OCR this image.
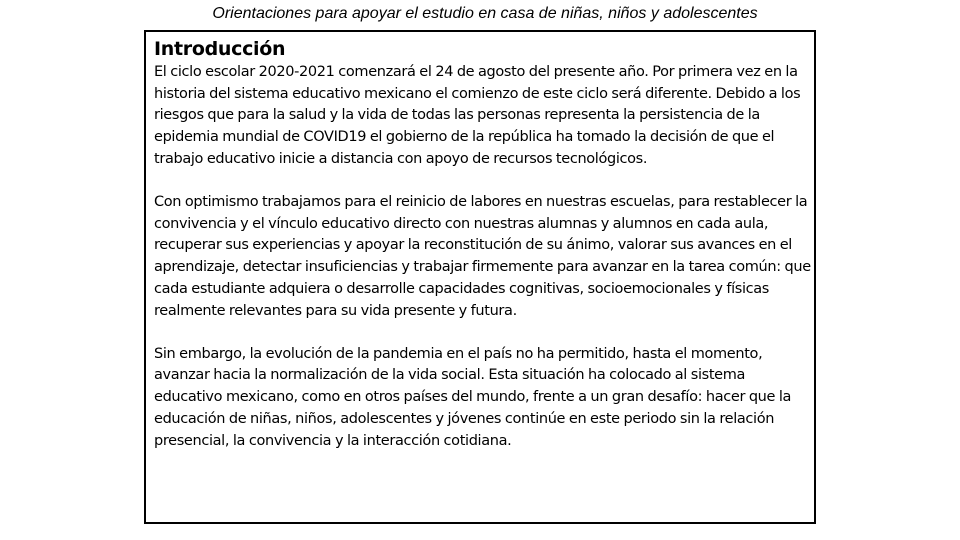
Orientaciones para apoyar el estudio en casa de niñas, niños y adolescentes
Introducción

El ciclo escolar 2020-2021 comenzará el 24 de agosto del presente año. Por primera vez en la historia del sistema educativo mexicano el comienzo de este ciclo será diferente. Debido a los riesgos que para la salud y la vida de todas las personas representa la persistencia de la epidemia mundial de COVID19 el gobierno de la república ha tomado la decisión de que el trabajo educativo inicie a distancia con apoyo de recursos tecnológicos.

Con optimismo trabajamos para el reinicio de labores en nuestras escuelas, para restablecer la convivencia y el vínculo educativo directo con nuestras alumnas y alumnos en cada aula, recuperar sus experiencias y apoyar la reconstitución de su ánimo, valorar sus avances en el aprendizaje, detectar insuficiencias y trabajar firmemente para avanzar en la tarea común: que cada estudiante adquiera o desarrolle capacidades cognitivas, socioemocionales y físicas realmente relevantes para su vida presente y futura.

Sin embargo, la evolución de la pandemia en el país no ha permitido, hasta el momento, avanzar hacia la normalización de la vida social. Esta situación ha colocado al sistema educativo mexicano, como en otros países del mundo, frente a un gran desafío: hacer que la educación de niñas, niños, adolescentes y jóvenes continúe en este periodo sin la relación presencial, la convivencia y la interacción cotidiana.
